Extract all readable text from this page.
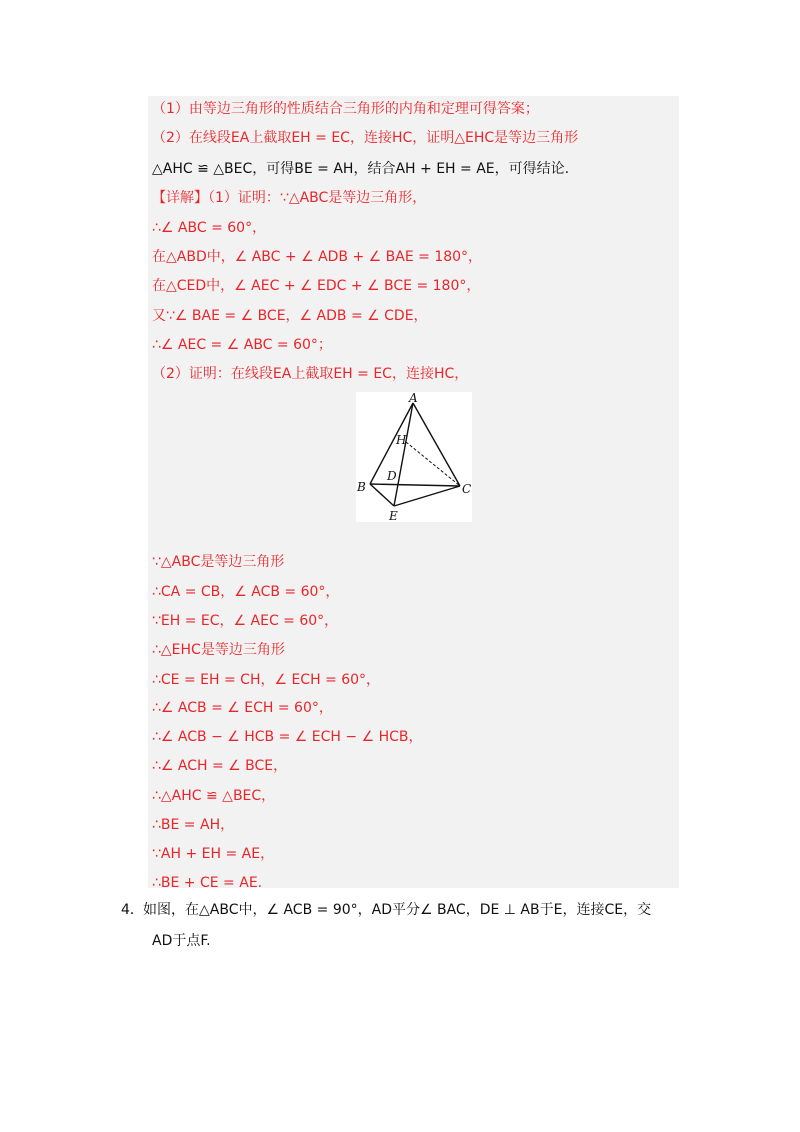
（1）由等边三角形的性质结合三角形的内角和定理可得答案；
（2）在线段EA上截取EH = EC，连接HC，证明△EHC是等边三角形
△AHC ≌ △BEC，可得BE = AH，结合AH + EH = AE，可得结论.
【详解】（1）证明：∵△ABC是等边三角形，
∴∠ ABC = 60°，
在△ABD中，∠ ABC + ∠ ADB + ∠ BAE = 180°，
在△CED中，∠ AEC + ∠ EDC + ∠ BCE = 180°，
又∵∠ BAE = ∠ BCE，∠ ADB = ∠ CDE，
∴∠ AEC = ∠ ABC = 60°；
（2）证明：在线段EA上截取EH = EC，连接HC，
A
H
D
B	C
E
∵△ABC是等边三角形
∴CA = CB，∠ ACB = 60°，
∵EH = EC，∠ AEC = 60°，
∴△EHC是等边三角形
∴CE = EH = CH，∠ ECH = 60°，
∴∠ ACB = ∠ ECH = 60°，
∴∠ ACB − ∠ HCB = ∠ ECH − ∠ HCB，
∴∠ ACH = ∠ BCE，
∴△AHC ≌ △BEC，
∴BE = AH，
∵AH + EH = AE，
∴BE + CE = AE.
4． 如图，在△ABC中，∠ ACB = 90°，AD平分∠ BAC，DE ⊥ AB于E，连接CE，交
AD于点F.
